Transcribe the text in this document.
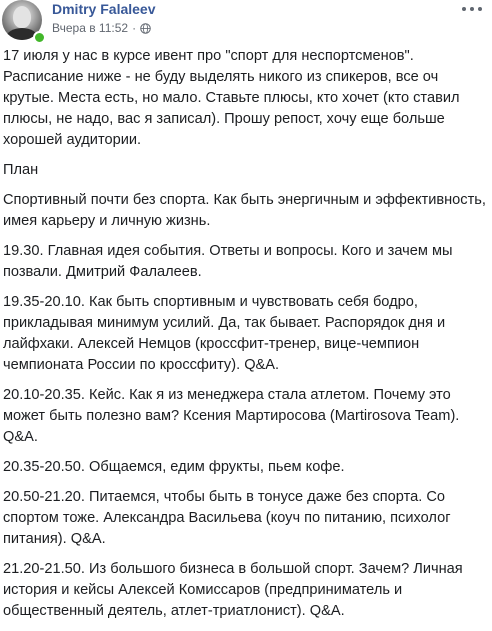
Dmitry Falaleev
Вчера в 11:52 ·

17 июля у нас в курсе ивент про "спорт для неспортсменов". Расписание ниже - не буду выделять никого из спикеров, все оч крутые. Места есть, но мало. Ставьте плюсы, кто хочет (кто ставил плюсы, не надо, вас я записал). Прошу репост, хочу еще больше хорошей аудитории.

План

Спортивный почти без спорта. Как быть энергичным и эффективность, имея карьеру и личную жизнь.

19.30. Главная идея события. Ответы и вопросы. Кого и зачем мы позвали. Дмитрий Фалалеев.

19.35-20.10. Как быть спортивным и чувствовать себя бодро, прикладывая минимум усилий. Да, так бывает. Распорядок дня и лайфхаки. Алексей Немцов (кроссфит-тренер, вице-чемпион чемпионата России по кроссфиту). Q&A.

20.10-20.35. Кейс. Как я из менеджера стала атлетом. Почему это может быть полезно вам? Ксения Мартиросова (Martirosova Team). Q&A.

20.35-20.50. Общаемся, едим фрукты, пьем кофе.

20.50-21.20. Питаемся, чтобы быть в тонусе даже без спорта. Со спортом тоже. Александра Васильева (коуч по питанию, психолог питания). Q&A.

21.20-21.50. Из большого бизнеса в большой спорт. Зачем? Личная история и кейсы Алексей Комиссаров (предприниматель и общественный деятель, атлет-триатлонист). Q&A.
